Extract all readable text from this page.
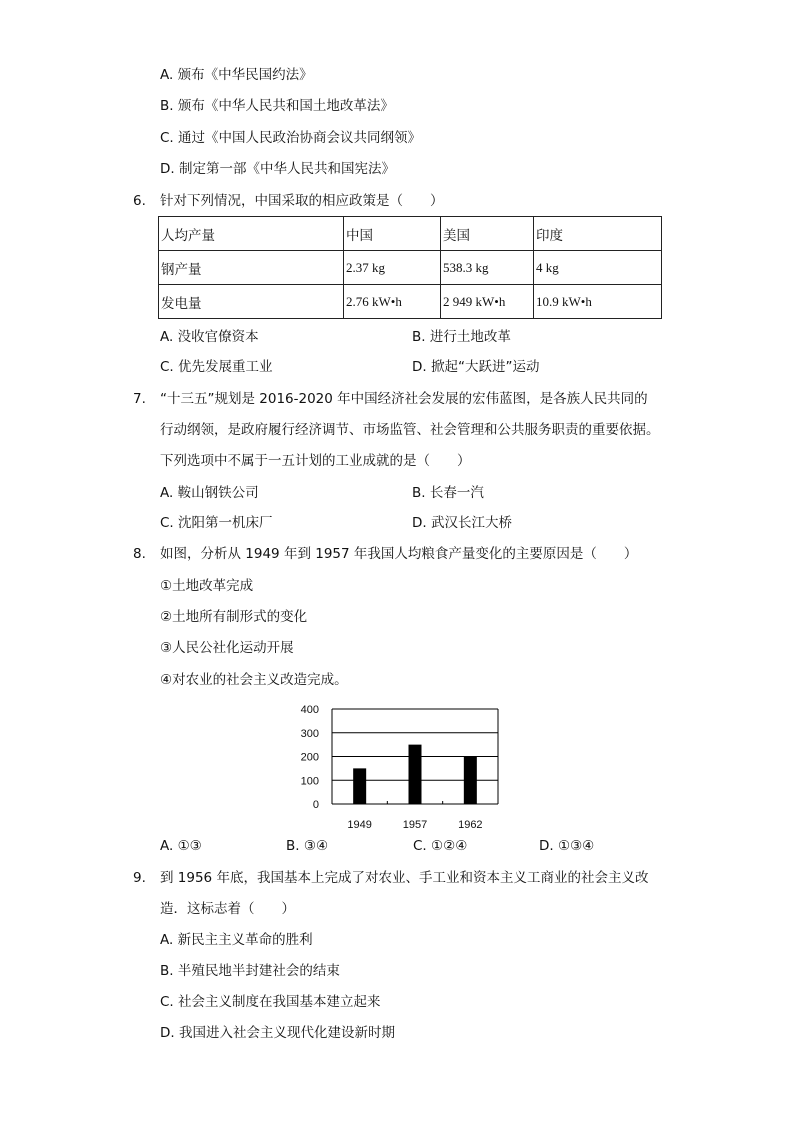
A. 颁布《中华民国约法》
B. 颁布《中华人民共和国土地改革法》
C. 通过《中国人民政治协商会议共同纲领》
D. 制定第一部《中华人民共和国宪法》
6. 针对下列情况，中国采取的相应政策是（　　）
人均产量	中国	美国	印度
钢产量	2.37 kg	538.3 kg	4 kg
发电量	2.76 kW•h	2 949 kW•h	10.9 kW•h
A. 没收官僚资本	B. 进行土地改革
C. 优先发展重工业	D. 掀起“大跃进”运动
7. “十三五”规划是 2016-2020 年中国经济社会发展的宏伟蓝图，是各族人民共同的
行动纲领，是政府履行经济调节、市场监管、社会管理和公共服务职责的重要依据。
下列选项中不属于一五计划的工业成就的是（　　）
A. 鞍山钢铁公司	B. 长春一汽
C. 沈阳第一机床厂	D. 武汉长江大桥
8. 如图，分析从 1949 年到 1957 年我国人均粮食产量变化的主要原因是（　　）
①土地改革完成
②土地所有制形式的变化
③人民公社化运动开展
④对农业的社会主义改造完成。
400
300
200
100
0
1949	1957	1962
A. ①③	B. ③④	C. ①②④	D. ①③④
9. 到 1956 年底，我国基本上完成了对农业、手工业和资本主义工商业的社会主义改
造．这标志着（　　）
A. 新民主主义革命的胜利
B. 半殖民地半封建社会的结束
C. 社会主义制度在我国基本建立起来
D. 我国进入社会主义现代化建设新时期
